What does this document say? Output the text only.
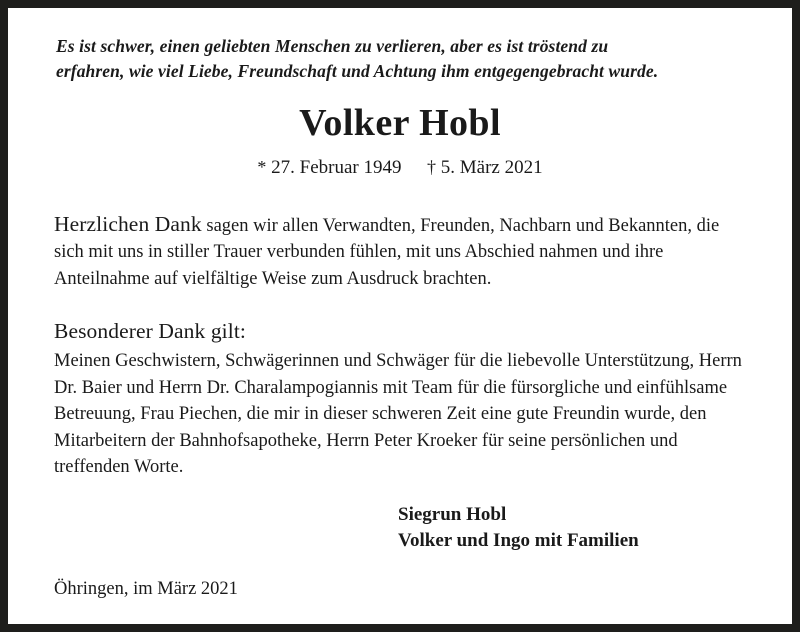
Es ist schwer, einen geliebten Menschen zu verlieren, aber es ist tröstend zu
erfahren, wie viel Liebe, Freundschaft und Achtung ihm entgegengebracht wurde.
Volker Hobl
* 27. Februar 1949 † 5. März 2021

Herzlichen Dank sagen wir allen Verwandten, Freunden, Nachbarn und Bekannten, die sich mit uns in stiller Trauer verbunden fühlen, mit uns Abschied nahmen und ihre Anteilnahme auf vielfältige Weise zum Ausdruck brachten.

Besonderer Dank gilt:

Meinen Geschwistern, Schwägerinnen und Schwäger für die liebevolle Unterstützung, Herrn Dr. Baier und Herrn Dr. Charalampogiannis mit Team für die fürsorgliche und einfühlsame Betreuung, Frau Piechen, die mir in dieser schweren Zeit eine gute Freundin wurde, den Mitarbeitern der Bahnhofsapotheke, Herrn Peter Kroeker für seine persönlichen und treffenden Worte.

Siegrun Hobl
Volker und Ingo mit Familien
Öhringen, im März 2021
